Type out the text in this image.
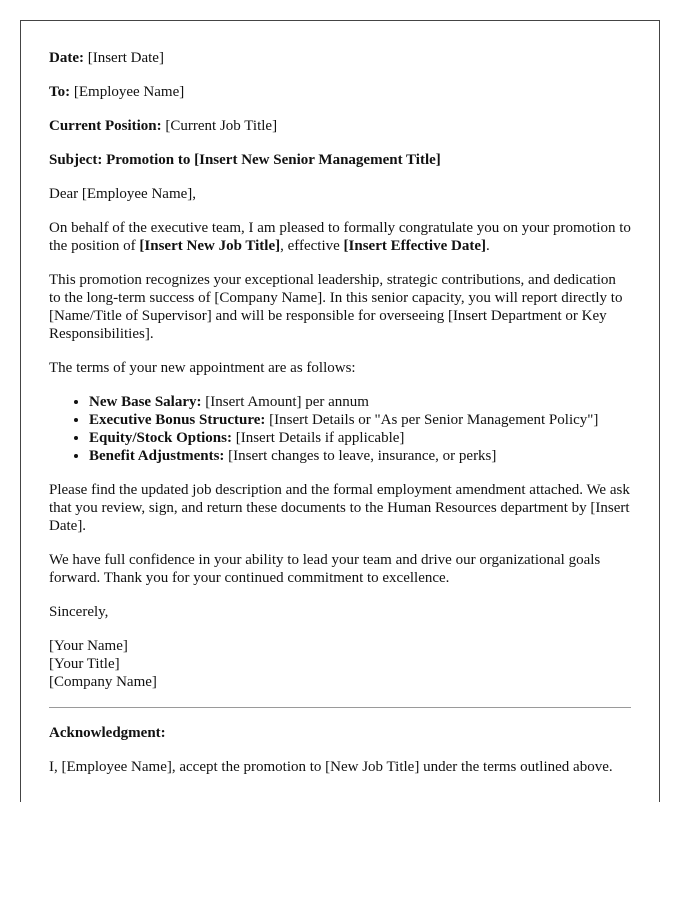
Date: [Insert Date]

To: [Employee Name]

Current Position: [Current Job Title]

Subject: Promotion to [Insert New Senior Management Title]

Dear [Employee Name],

On behalf of the executive team, I am pleased to formally congratulate you on your promotion to the position of [Insert New Job Title], effective [Insert Effective Date].

This promotion recognizes your exceptional leadership, strategic contributions, and dedication to the long-term success of [Company Name]. In this senior capacity, you will report directly to [Name/Title of Supervisor] and will be responsible for overseeing [Insert Department or Key Responsibilities].

The terms of your new appointment are as follows:

• New Base Salary: [Insert Amount] per annum
• Executive Bonus Structure: [Insert Details or "As per Senior Management Policy"]
• Equity/Stock Options: [Insert Details if applicable]
• Benefit Adjustments: [Insert changes to leave, insurance, or perks]

Please find the updated job description and the formal employment amendment attached. We ask that you review, sign, and return these documents to the Human Resources department by [Insert Date].

We have full confidence in your ability to lead your team and drive our organizational goals forward. Thank you for your continued commitment to excellence.

Sincerely,

[Your Name]

[Your Title]

[Company Name]

Acknowledgment:

I, [Employee Name], accept the promotion to [New Job Title] under the terms outlined above.
